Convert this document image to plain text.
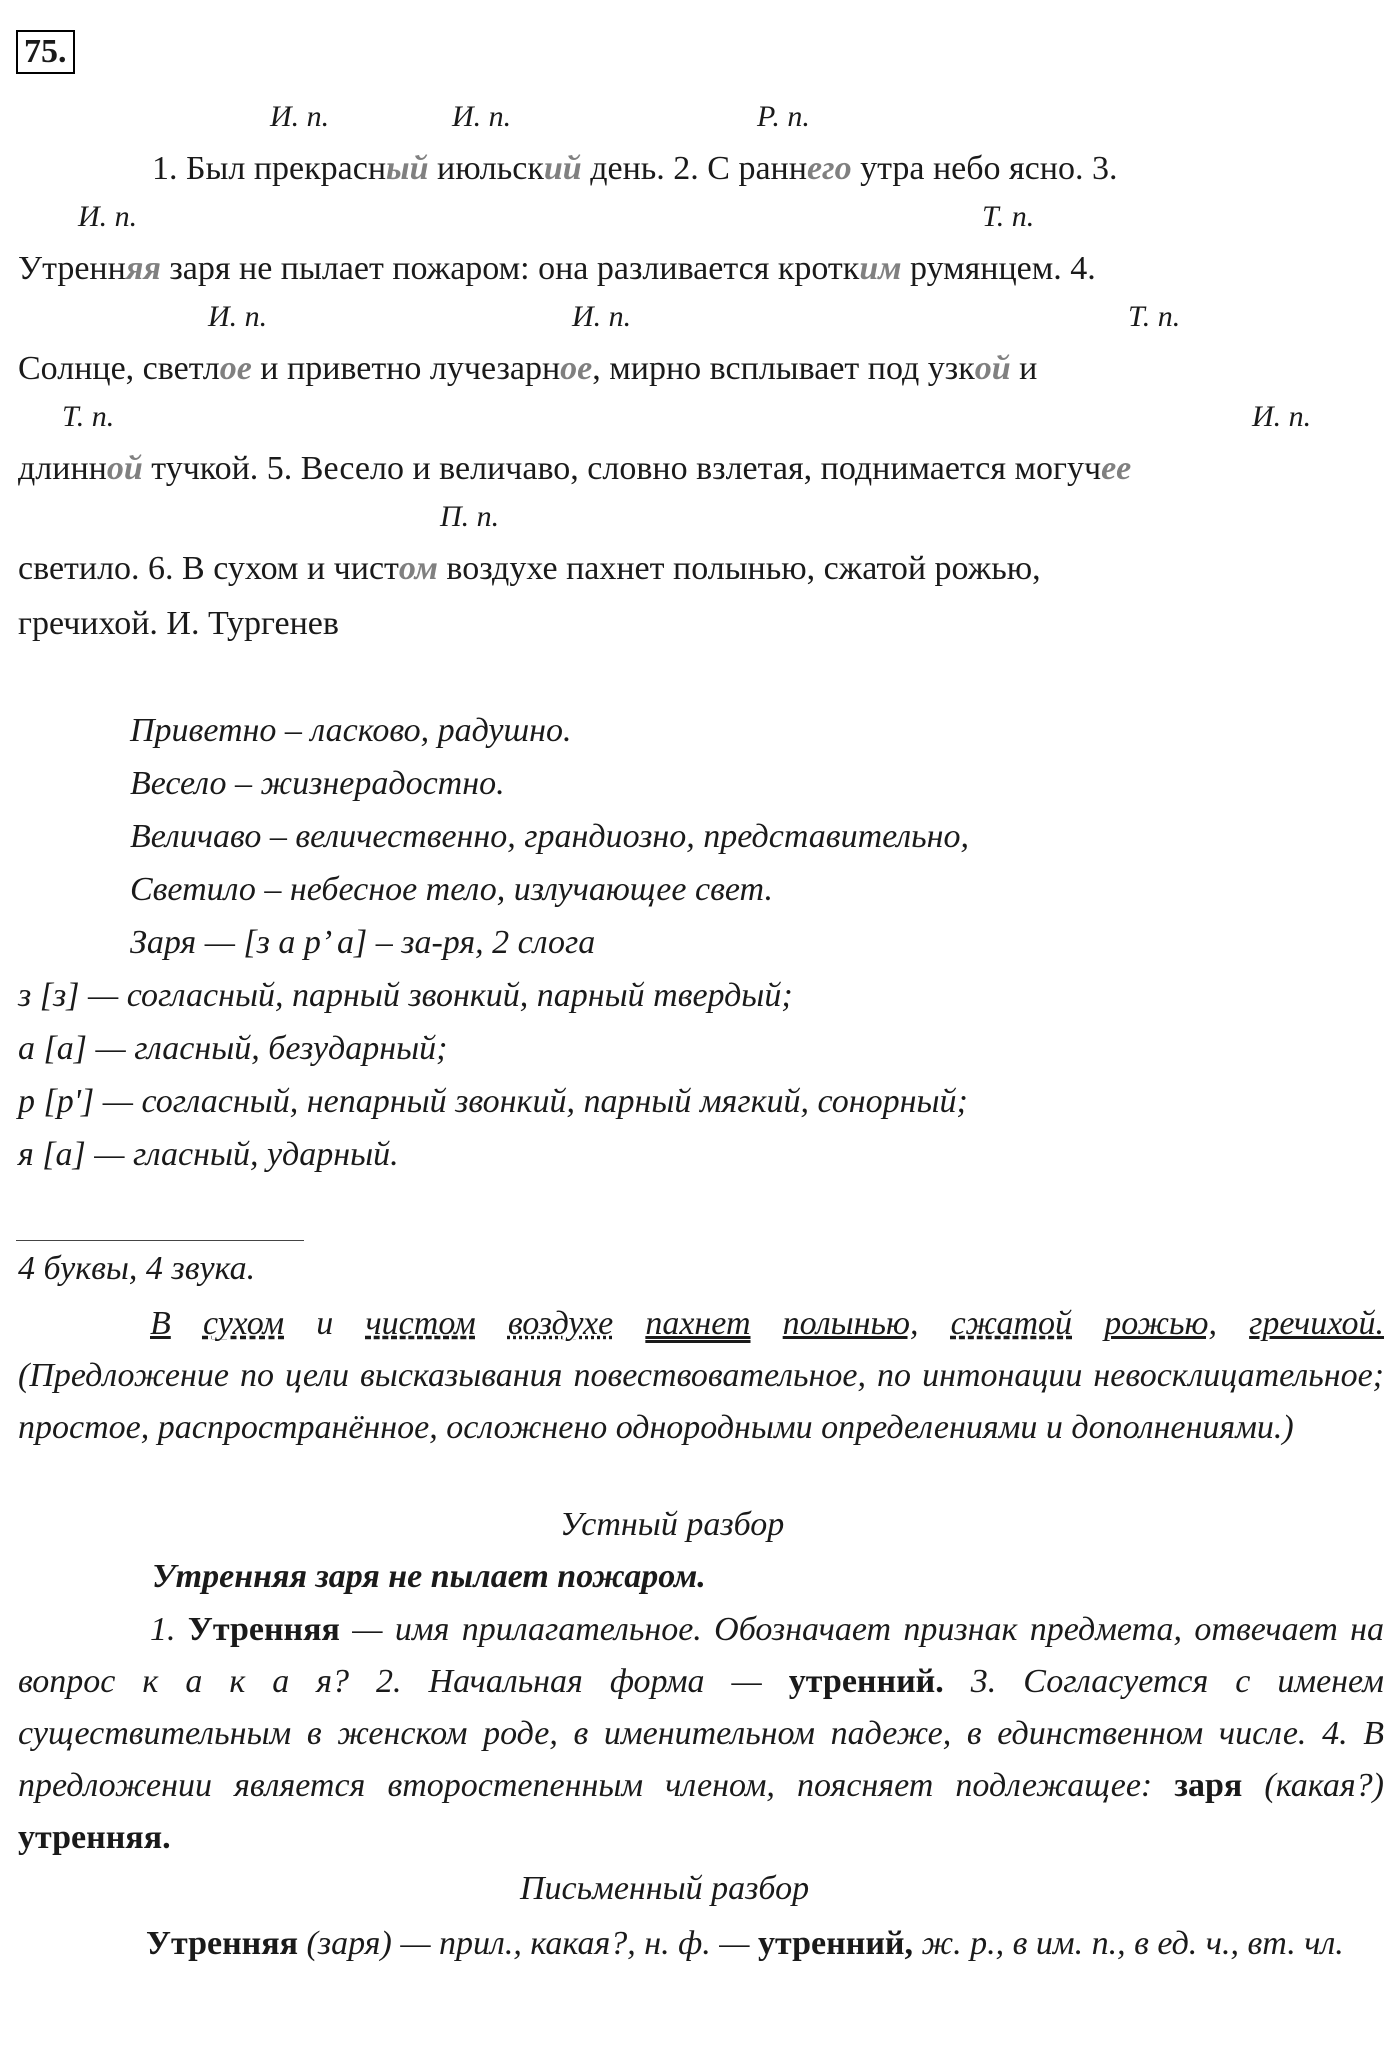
75.
И. п.	И. п.	Р. п.
И. п.	Т. п.
И. п.	И. п.	Т. п.
Т. п.	И. п.
П. п.
1. Был прекрасный июльский день. 2. С раннего утра небо ясно. 3.
Утренняя заря не пылает пожаром: она разливается кротким румянцем. 4.
Солнце, светлое и приветно лучезарное, мирно всплывает под узкой и
длинной тучкой. 5. Весело и величаво, словно взлетая, поднимается могучее
светило. 6. В сухом и чистом воздухе пахнет полынью, сжатой рожью,
гречихой. И. Тургенев
Приветно – ласково, радушно.
Весело – жизнерадостно.
Величаво – величественно, грандиозно, представительно,
Светило – небесное тело, излучающее свет.
Заря — [з а р’ а] – за-ря, 2 слога
з [з] — согласный, парный звонкий, парный твердый;
а [а] — гласный, безударный;
р [р'] — согласный, непарный звонкий, парный мягкий, сонорный;
я [а] — гласный, ударный.
4 буквы, 4 звука.
В сухом и чистом воздухе пахнет полынью, сжатой рожью, гречихой. (Предложение по цели высказывания повествовательное, по интонации невосклицательное; простое, распространённое, осложнено однородными определениями и дополнениями.)
Устный разбор
Утренняя заря не пылает пожаром.
1. Утренняя — имя прилагательное. Обозначает признак предмета, отвечает на вопрос к а к а я? 2. Начальная форма — утренний. 3. Согласуется с именем существительным в женском роде, в именительном падеже, в единственном числе. 4. В предложении является второстепенным членом, поясняет подлежащее: заря (какая?) утренняя.
Письменный разбор
Утренняя (заря) — прил., какая?, н. ф. — утренний, ж. р., в им. п., в ед. ч., вт. чл.
